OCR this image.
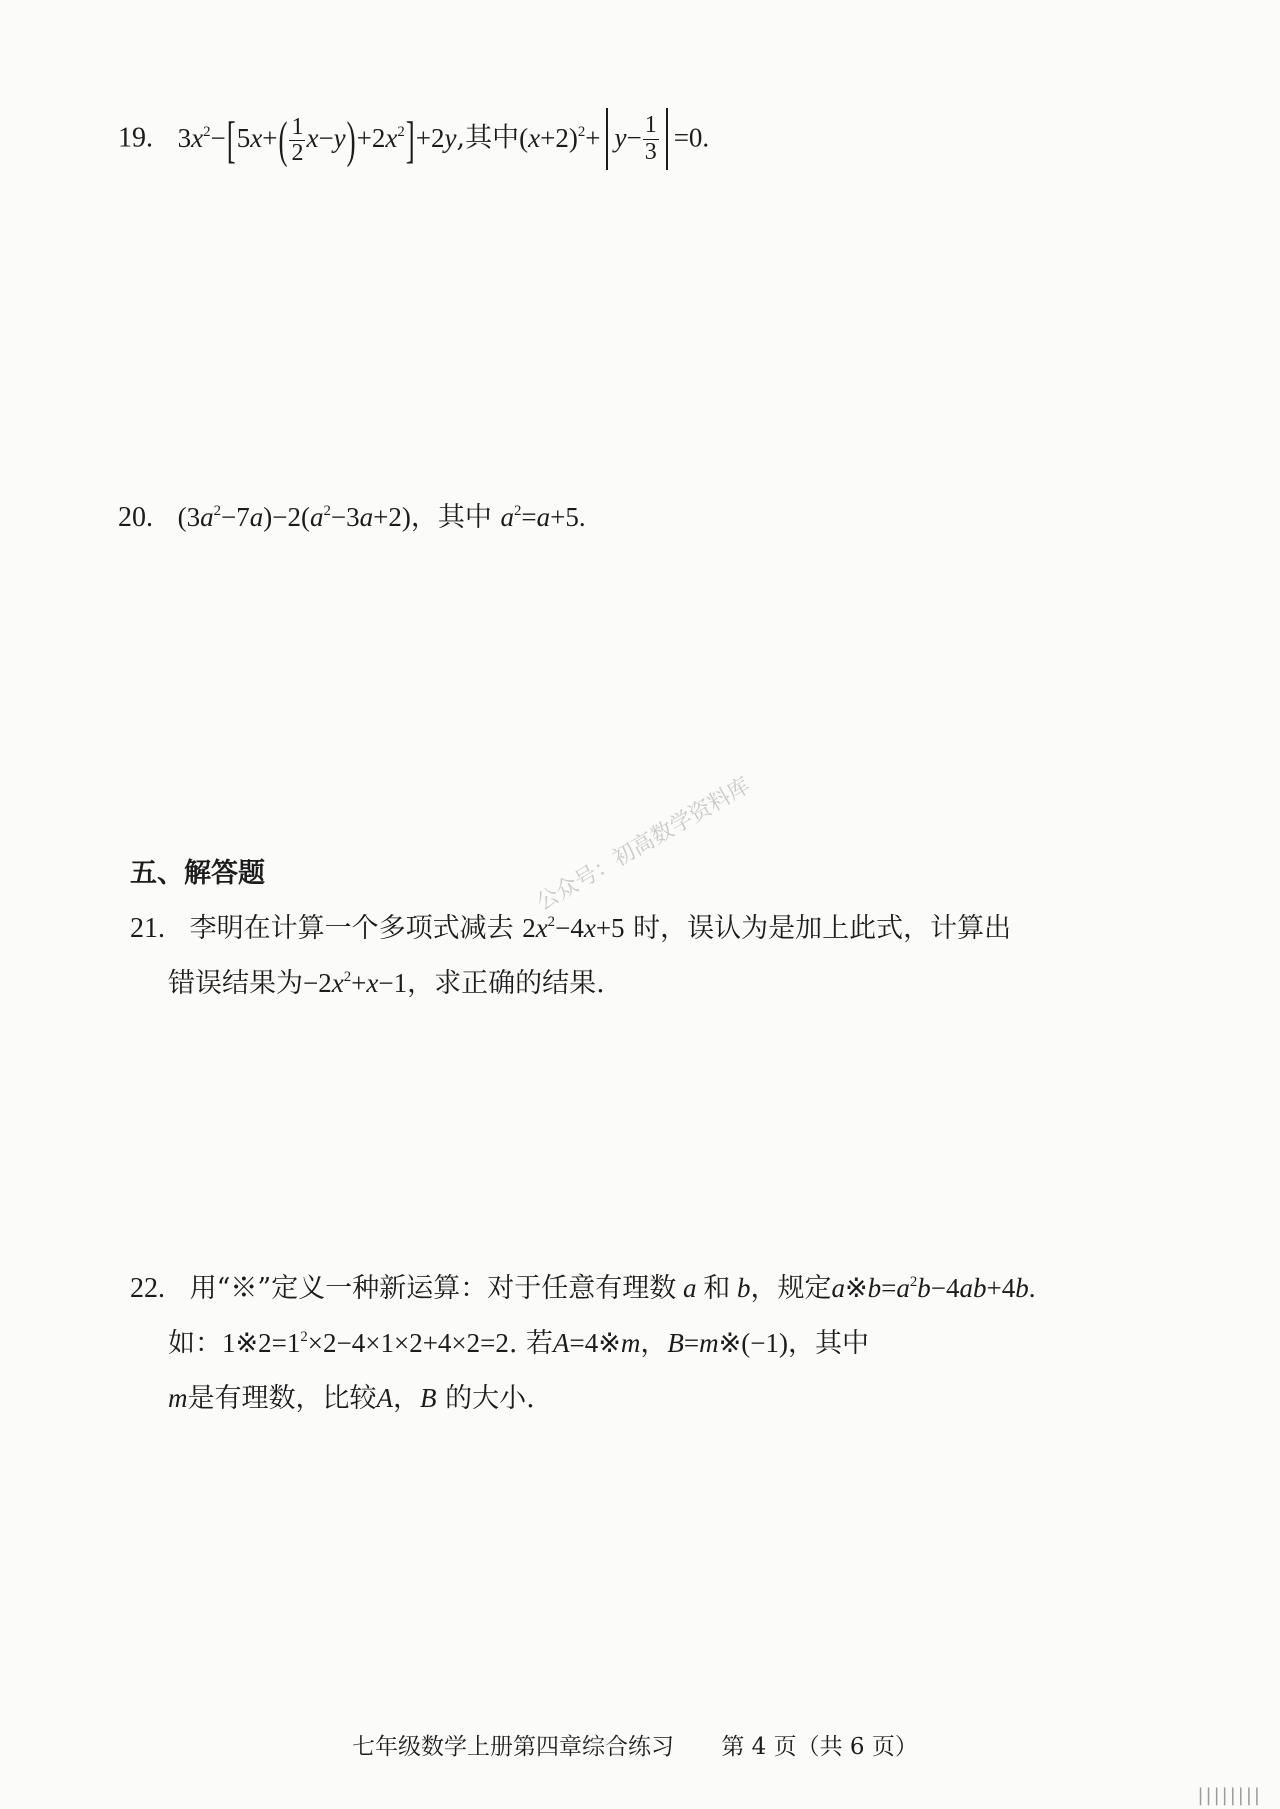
19. $3x^2-[5x+( \frac{1}{2} x-y)+2x^2]+2y$,其中$(x+2)^2+ y- \frac{1}{3} =0$.
20. $(3a^2-7a)-2(a^2-3a+2)$，其中 $a^2=a+5$.
五、解答题
21. 李明在计算一个多项式减去 $2x^2-4x+5$ 时，误认为是加上此式，计算出
错误结果为$-2x^2+x-1$，求正确的结果.
22. 用“※”定义一种新运算：对于任意有理数 a 和 b，规定$a※b=a^2b-4ab+4b$.
如：$1※2=1^2\times 2-4\times 1\times 2+4\times 2=2$. 若A=4※m，B=m※(−1)，其中
m是有理数，比较A，B 的大小.
公众号：初高数学资料库
七年级数学上册第四章综合练习 第 4 页（共 6 页）
||||||||
